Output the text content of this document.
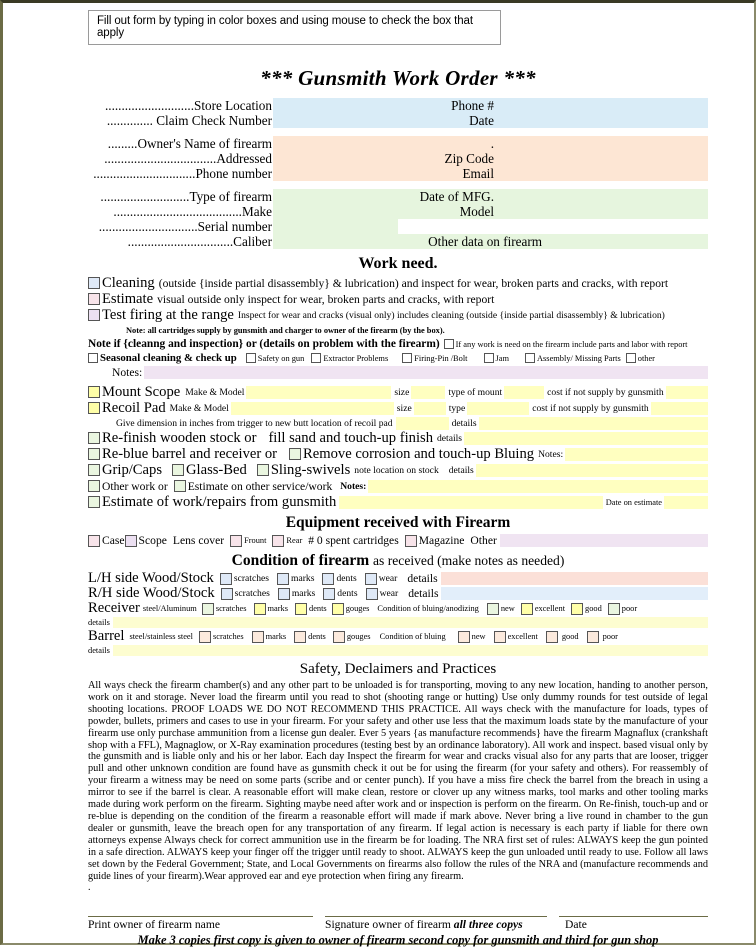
Fill out form by typing in color boxes and using mouse to check the box that apply
*** Gunsmith Work Order ***
...........................Store Location	Phone #
.............. Claim Check Number	Date
.........Owner's Name of firearm	.
..................................Addressed	Zip Code
...............................Phone number	Email
...........................Type of firearm	Date of MFG.
.......................................Make	Model
..............................Serial number
................................Caliber	Other data on firearm
Work need.
Cleaning (outside {inside partial disassembly} & lubrication) and inspect for wear, broken parts and cracks, with report
Estimate visual outside only inspect for wear, broken parts and cracks, with report
Test firing at the range Inspect for wear and cracks (visual only) includes cleaning (outside {inside partial disassembly} & lubrication)
Note: all cartridges supply by gunsmith and charger to owner of the firearm (by the box).
Note if {cleanng and inspection} or (details on problem with the firearm) If any work is need on the firearm include parts and labor with report
Seasonal cleaning & check up	Safety on gun Extractor Problems	Firing-Pin /Bolt	Jam	Assembly/ Missing Parts other
Notes:
Mount Scope Make & Model	size	type of mount	cost if not supply by gunsmith
Recoil Pad Make & Model	size	type	cost if not supply by gunsmith
Give dimension in inches from trigger to new butt location of recoil pad	details
Re-finish wooden stock or fill sand and touch-up finish details
Re-blue barrel and receiver or Remove corrosion and touch-up Bluing Notes:
Grip/Caps Glass-Bed Sling-swivels note location on stock details
Other work or Estimate on other service/work Notes:
Estimate of work/repairs from gunsmith	Date on estimate
Equipment received with Firearm
Case Scope Lens cover Frount Rear # 0 spent cartridges Magazine Other
Condition of firearm as received (make notes as needed)
L/H side Wood/Stock scratches marks dents wear details
R/H side Wood/Stock scratches marks dents wear details
Receiver steel/Aluminum scratches	marks	dents gouges Condition of bluing/anodizing	new excellent good poor
details
Barrel steel/stainless steel scratches	marks	dents	gouges Condition of bluing	new	excellent	good	poor
details
Safety, Declaimers and Practices
All ways check the firearm chamber(s) and any other part to be unloaded is for transporting, moving to any new location, handing to another person, work on it and storage. Never load the firearm until you read to shot (shooting range or hutting) Use only dummy rounds for test outside of legal shooting locations. PROOF LOADS WE DO NOT RECOMMEND THIS PRACTICE. All ways check with the manufacture for loads, types of powder, bullets, primers and cases to use in your firearm. For your safety and other use less that the maximum loads state by the manufacture of your firearm use only purchase ammunition from a license gun dealer. Ever 5 years {as manufacture recommends} have the firearm Magnaflux (crankshaft shop with a FFL), Magnaglow, or X-Ray examination procedures (testing best by an ordinance laboratory). All work and inspect. based visual only by the gunsmith and is liable only and his or her labor. Each day Inspect the firearm for wear and cracks visual also for any parts that are looser, trigger pull and other unknown condition are found have as gunsmith check it out be for using the firearm (for your safety and others). For reassembly of your firearm a witness may be need on some parts (scribe and or center punch). If you have a miss fire check the barrel from the breach in using a mirror to see if the barrel is clear. A reasonable effort will make clean, restore or clover up any witness marks, tool marks and other tooling marks made during work perform on the firearm. Sighting maybe need after work and or inspection is perform on the firearm. On Re-finish, touch-up and or re-blue is depending on the condition of the firearm a reasonable effort will made if mark above. Never bring a live round in chamber to the gun dealer or gunsmith, leave the breach open for any transportation of any firearm. If legal action is necessary is each party if liable for there own attorneys expense Always check for correct ammunition use in the firearm be for loading. The NRA first set of rules: ALWAYS keep the gun pointed in a safe direction. ALWAYS keep your finger off the trigger until ready to shoot. ALWAYS keep the gun unloaded until ready to use. Follow all laws set down by the Federal Government; State, and Local Governments on firearms also follow the rules of the NRA and (manufacture recommends and guide lines of your firearm).Wear approved ear and eye protection when firing any firearm.
.
Print owner of firearm name	Signature owner of firearm all three copys	Date
Make 3 copies first copy is given to owner of firearm second copy for gunsmith and third for gun shop
